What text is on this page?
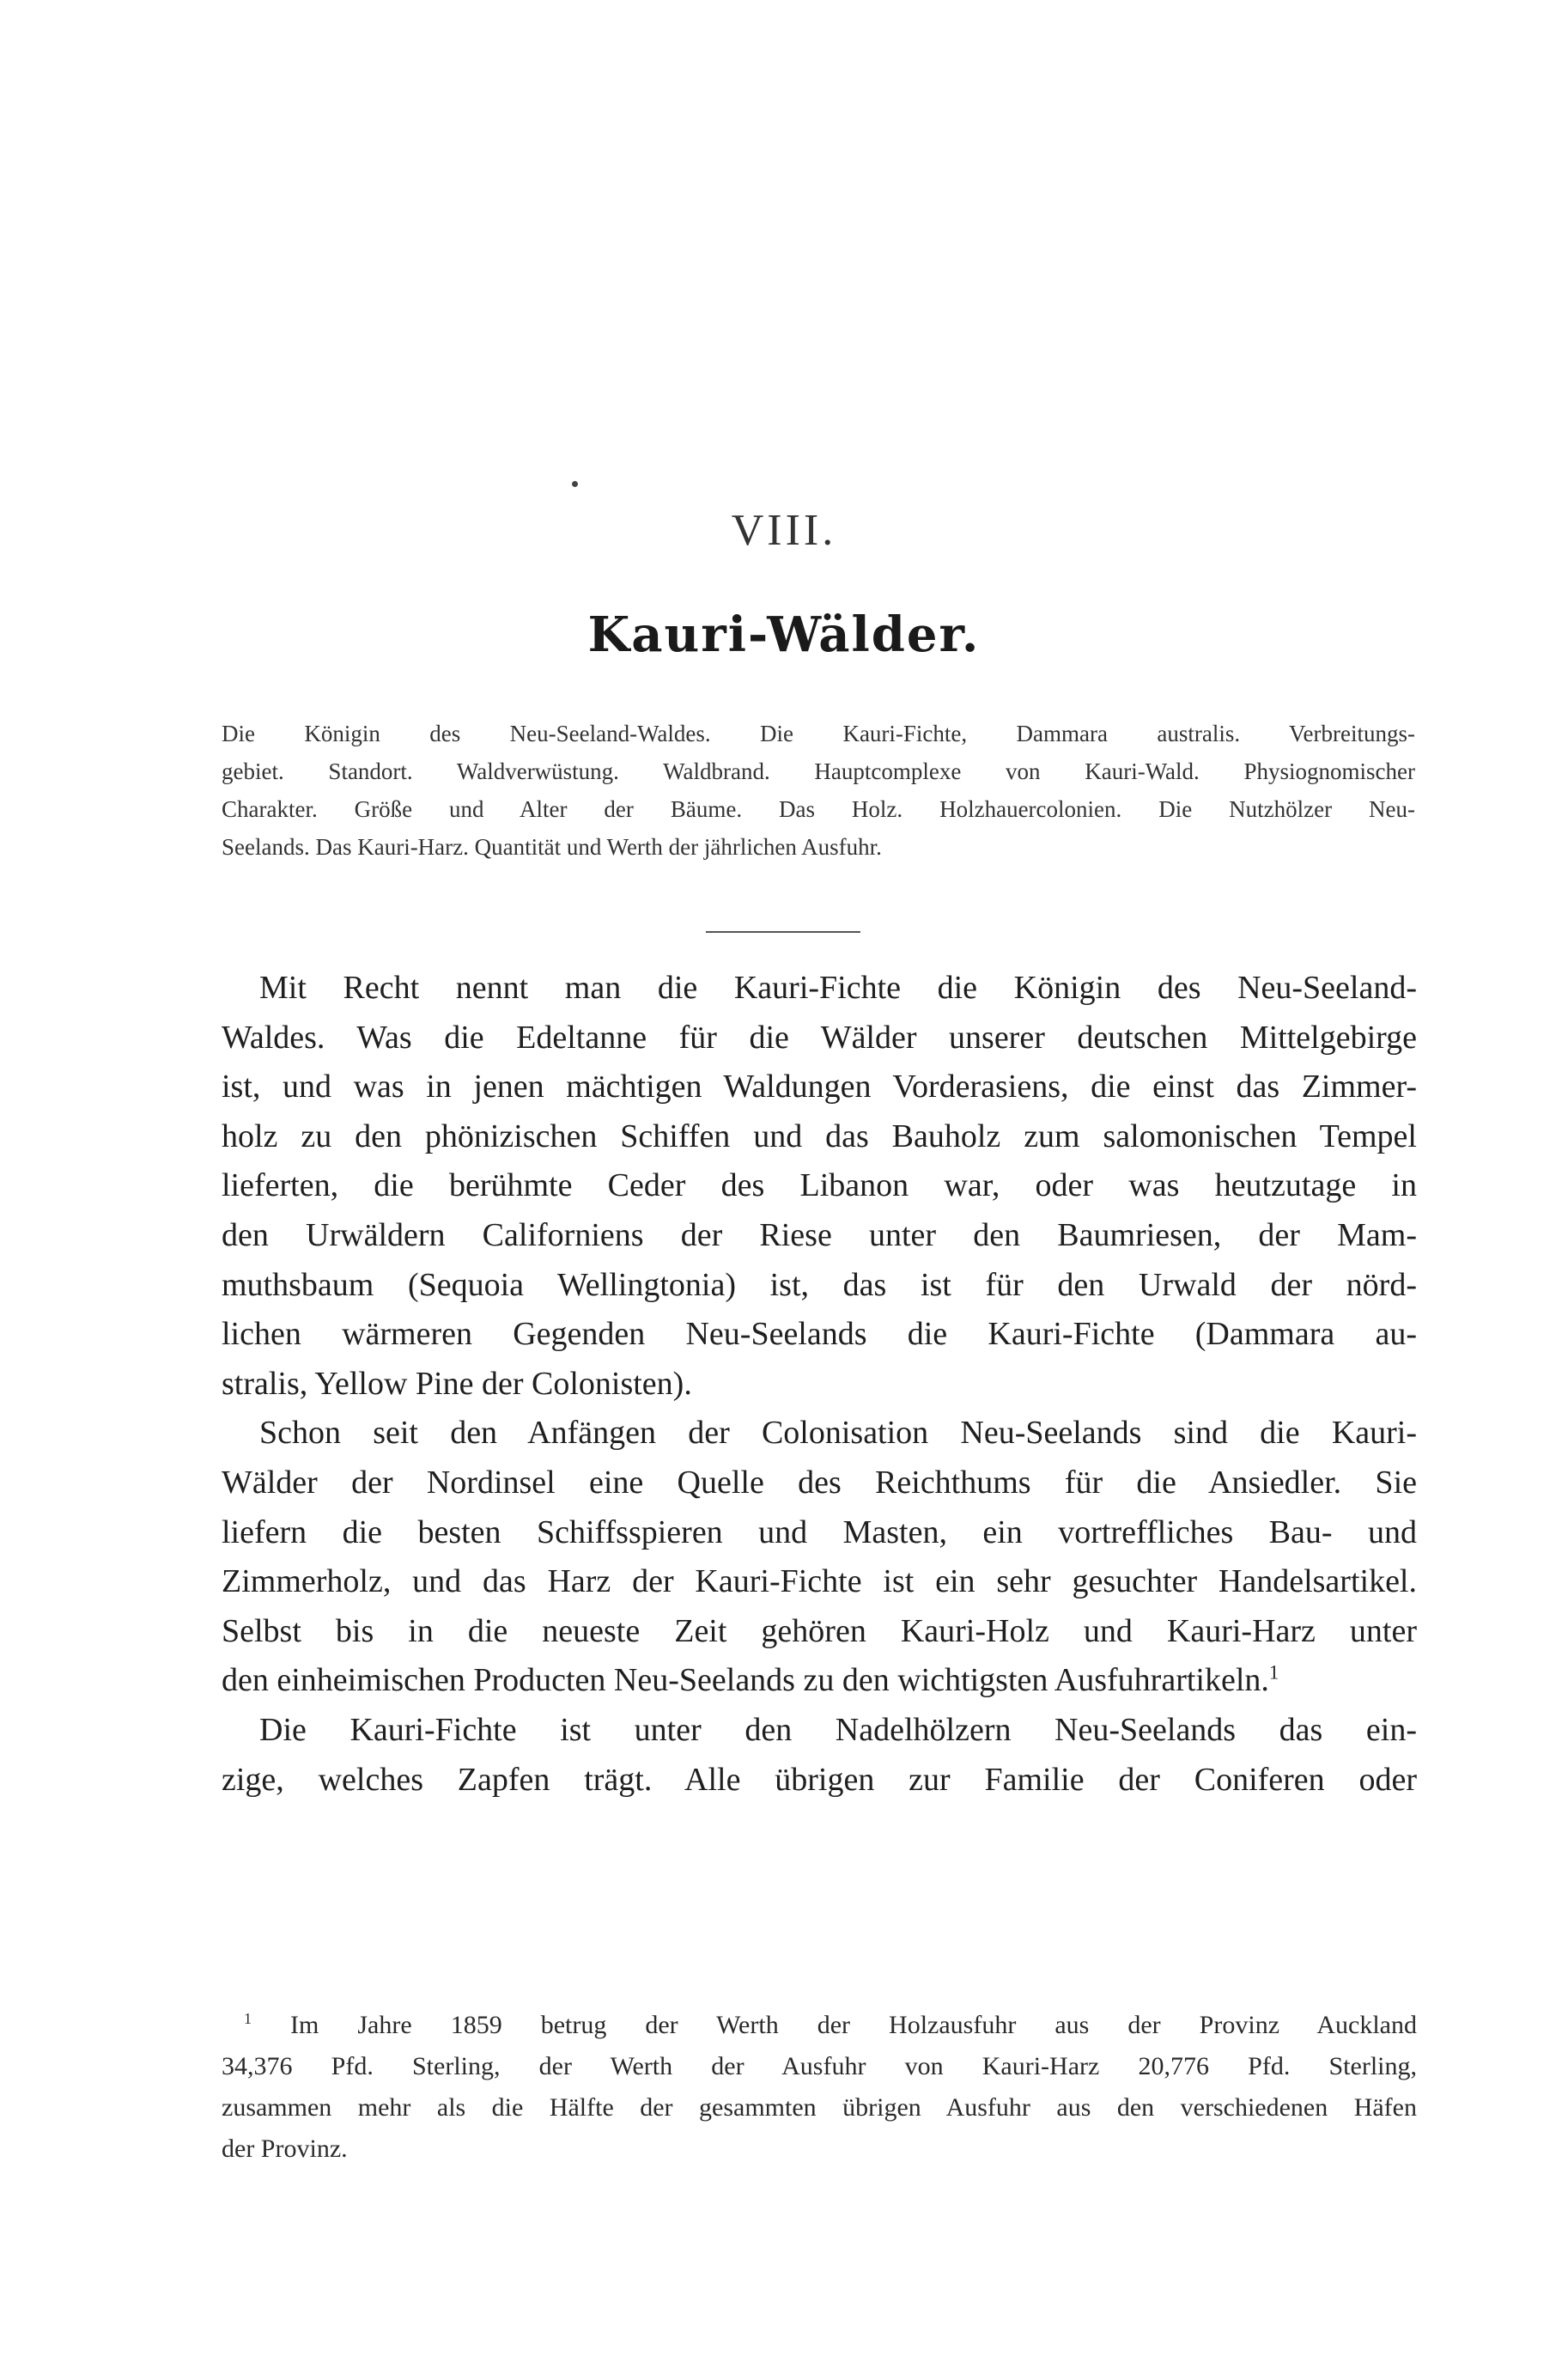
VIII.
Kauri-Wälder.
Die Königin des Neu-Seeland-Waldes. Die Kauri-Fichte, Dammara australis. Verbreitungs-
gebiet. Standort. Waldverwüstung. Waldbrand. Hauptcomplexe von Kauri-Wald. Physiognomischer
Charakter. Größe und Alter der Bäume. Das Holz. Holzhauercolonien. Die Nutzhölzer Neu-
Seelands. Das Kauri-Harz. Quantität und Werth der jährlichen Ausfuhr.
Mit Recht nennt man die Kauri-Fichte die Königin des Neu-Seeland-
Waldes. Was die Edeltanne für die Wälder unserer deutschen Mittelgebirge
ist, und was in jenen mächtigen Waldungen Vorderasiens, die einst das Zimmer-
holz zu den phönizischen Schiffen und das Bauholz zum salomonischen Tempel
lieferten, die berühmte Ceder des Libanon war, oder was heutzutage in
den Urwäldern Californiens der Riese unter den Baumriesen, der Mam-
muthsbaum (Sequoia Wellingtonia) ist, das ist für den Urwald der nörd-
lichen wärmeren Gegenden Neu-Seelands die Kauri-Fichte (Dammara au-
stralis, Yellow Pine der Colonisten).
Schon seit den Anfängen der Colonisation Neu-Seelands sind die Kauri-
Wälder der Nordinsel eine Quelle des Reichthums für die Ansiedler. Sie
liefern die besten Schiffsspieren und Masten, ein vortreffliches Bau- und
Zimmerholz, und das Harz der Kauri-Fichte ist ein sehr gesuchter Handelsartikel.
Selbst bis in die neueste Zeit gehören Kauri-Holz und Kauri-Harz unter
den einheimischen Producten Neu-Seelands zu den wichtigsten Ausfuhrartikeln.$^1$
Die Kauri-Fichte ist unter den Nadelhölzern Neu-Seelands das ein-
zige, welches Zapfen trägt. Alle übrigen zur Familie der Coniferen oder
$^1$ Im Jahre 1859 betrug der Werth der Holzausfuhr aus der Provinz Auckland
34,376 Pfd. Sterling, der Werth der Ausfuhr von Kauri-Harz 20,776 Pfd. Sterling,
zusammen mehr als die Hälfte der gesammten übrigen Ausfuhr aus den verschiedenen Häfen
der Provinz.
